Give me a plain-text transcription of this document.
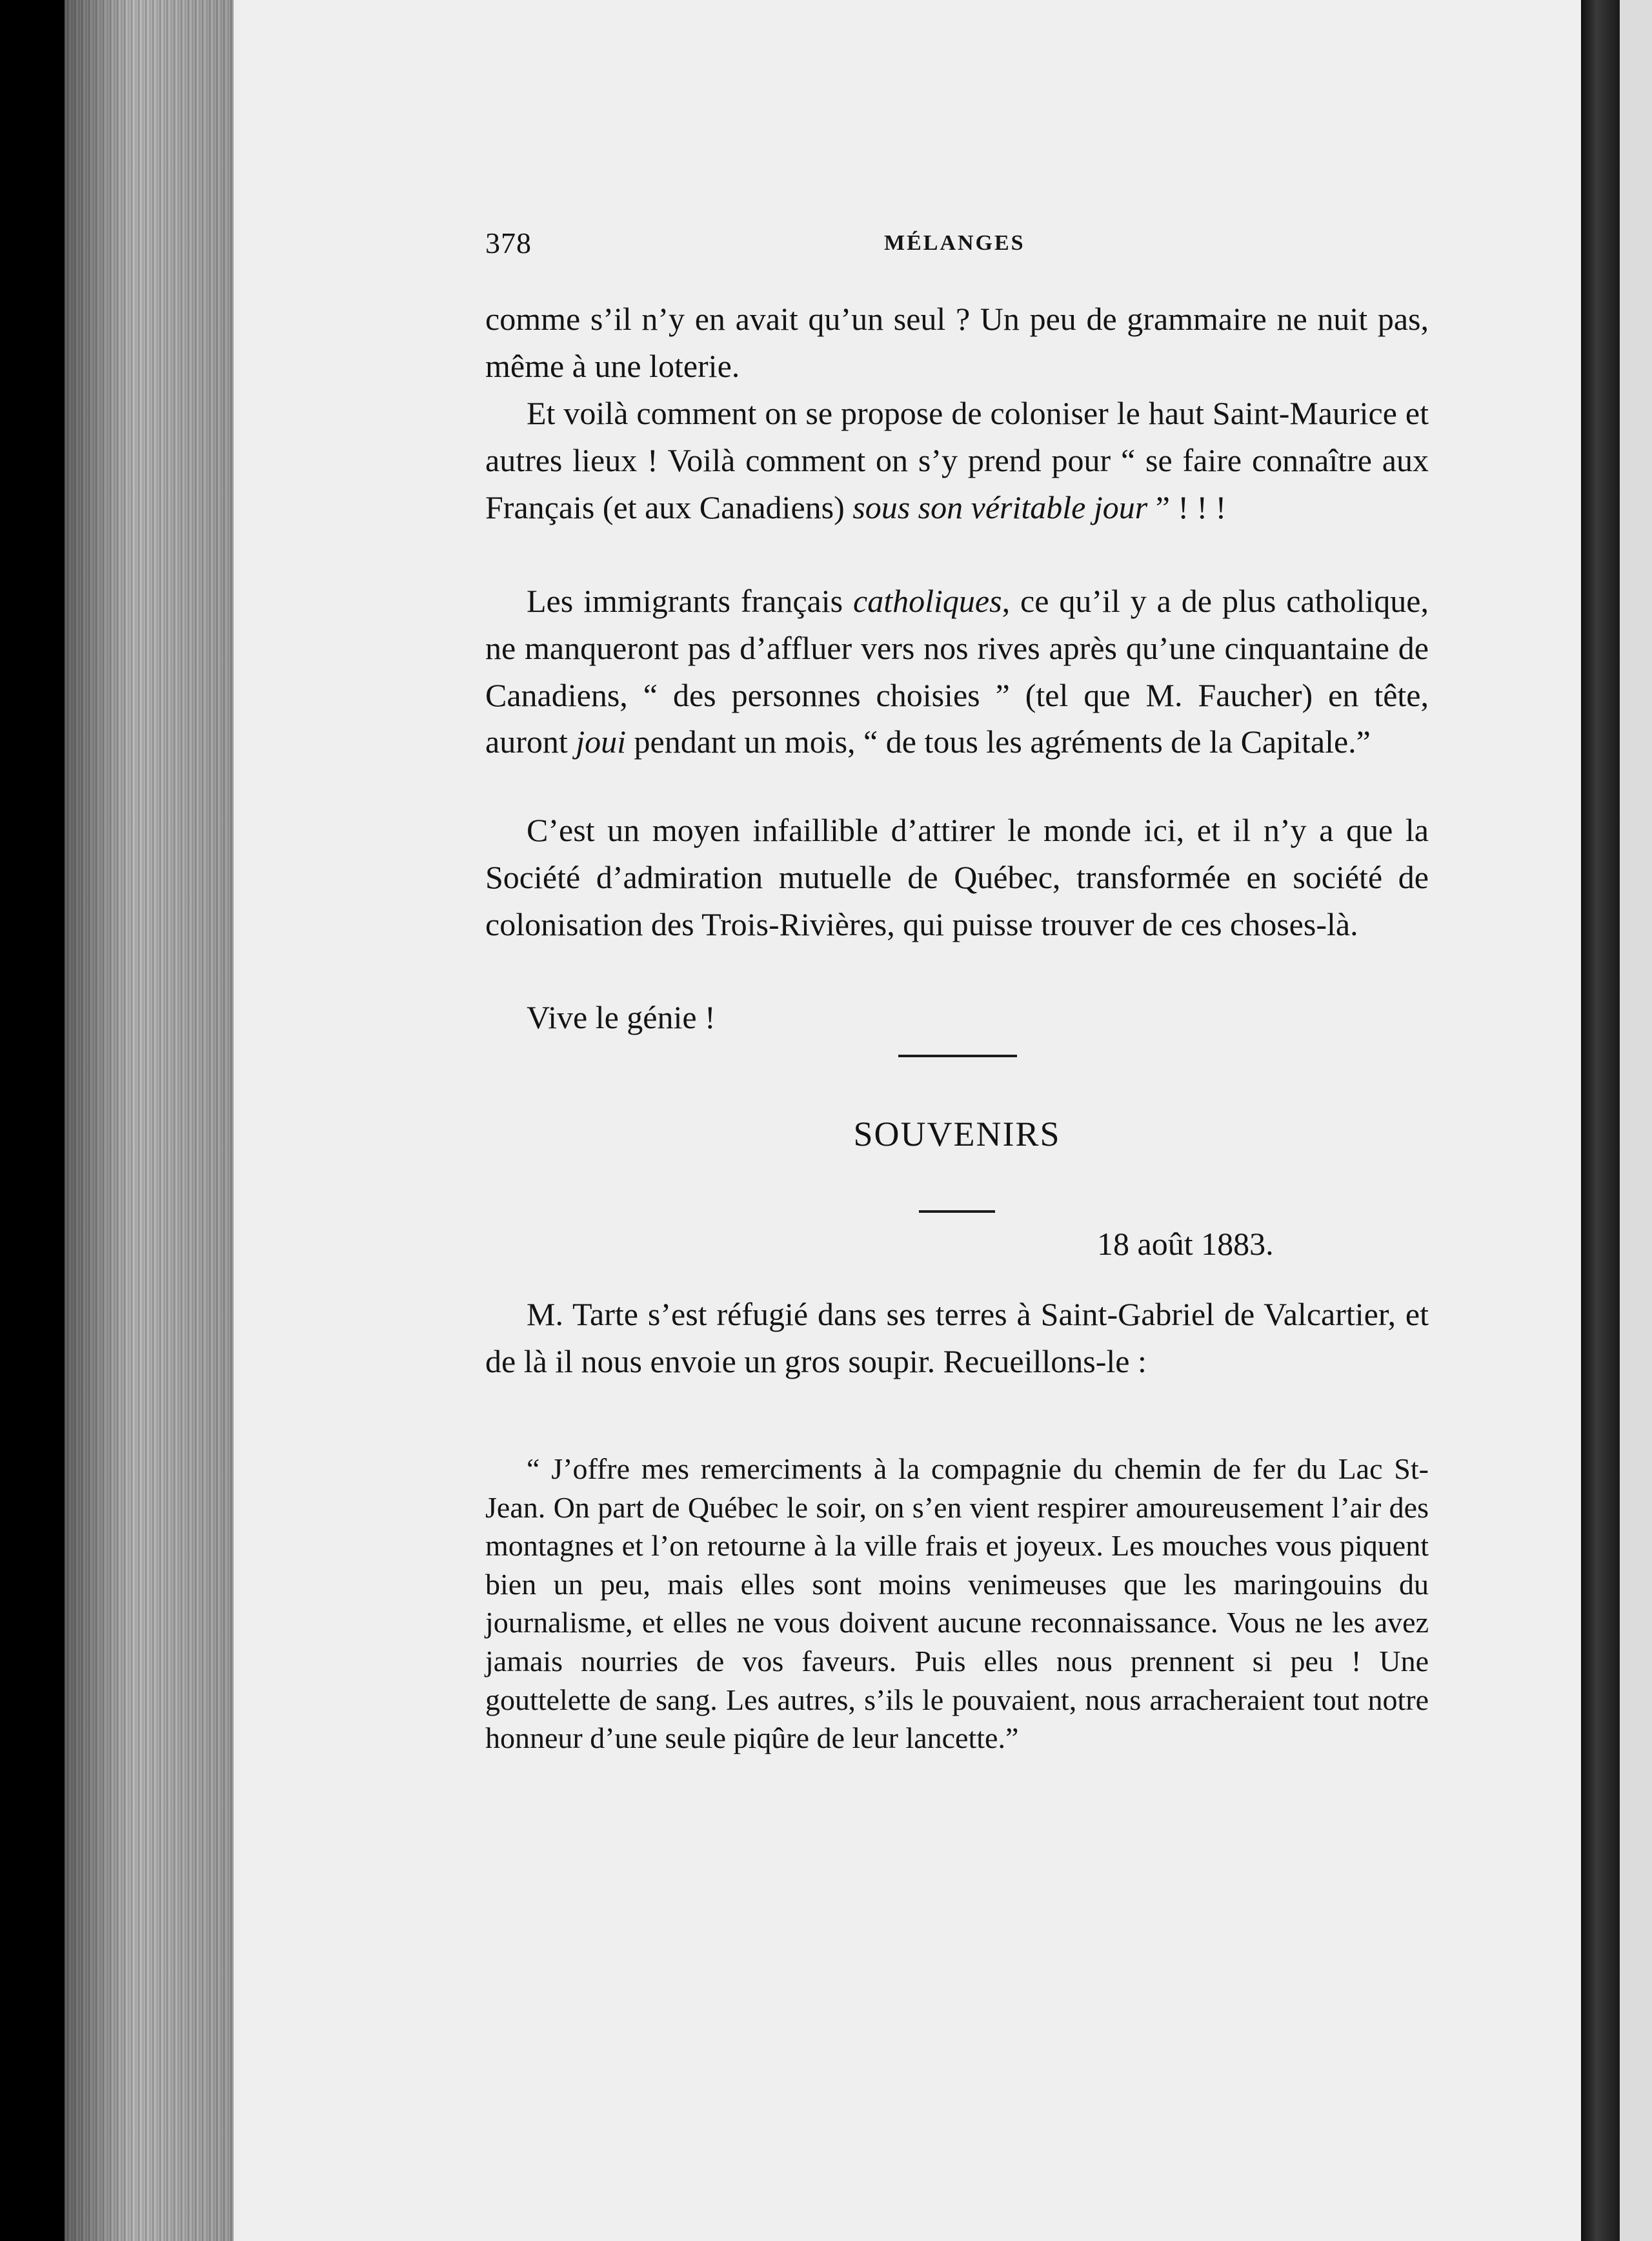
378	MÉLANGES

comme s’il n’y en avait qu’un seul ? Un peu de grammaire ne nuit pas, même à une loterie.

Et voilà comment on se propose de coloniser le haut Saint-Maurice et autres lieux ! Voilà comment on s’y prend pour “ se faire connaître aux Français (et aux Canadiens) sous son véritable jour ” ! ! !

Les immigrants français catholiques, ce qu’il y a de plus catholique, ne manqueront pas d’affluer vers nos rives après qu’une cinquantaine de Canadiens, “ des personnes choisies ” (tel que M. Faucher) en tête, auront joui pendant un mois, “ de tous les agréments de la Capitale.”

C’est un moyen infaillible d’attirer le monde ici, et il n’y a que la Société d’admiration mutuelle de Québec, transformée en société de colonisation des Trois-Rivières, qui puisse trouver de ces choses-là.

Vive le génie !

SOUVENIRS
18 août 1883.

M. Tarte s’est réfugié dans ses terres à Saint-Gabriel de Valcartier, et de là il nous envoie un gros soupir. Recueillons-le :

“ J’offre mes remerciments à la compagnie du chemin de fer du Lac St-Jean. On part de Québec le soir, on s’en vient respirer amoureusement l’air des montagnes et l’on retourne à la ville frais et joyeux. Les mouches vous piquent bien un peu, mais elles sont moins venimeuses que les maringouins du journalisme, et elles ne vous doivent aucune reconnaissance. Vous ne les avez jamais nourries de vos faveurs. Puis elles nous prennent si peu ! Une gouttelette de sang. Les autres, s’ils le pouvaient, nous arracheraient tout notre honneur d’une seule piqûre de leur lancette.”
